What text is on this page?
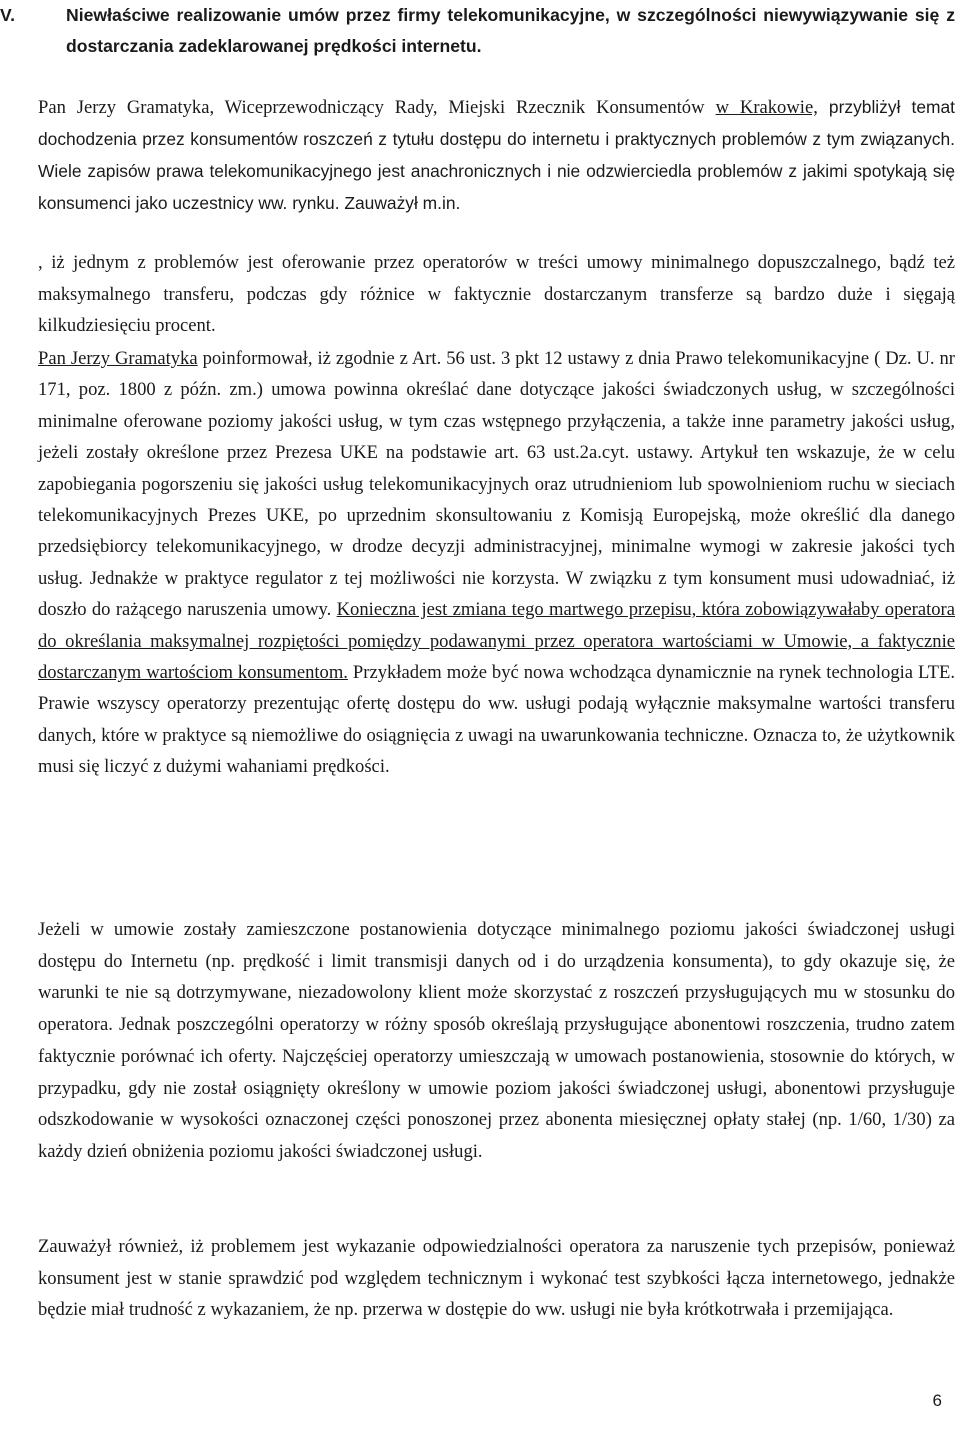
V.	Niewłaściwe realizowanie umów przez firmy telekomunikacyjne, w szczególności niewywiązywanie się z dostarczania zadeklarowanej prędkości internetu.
Pan Jerzy Gramatyka, Wiceprzewodniczący Rady, Miejski Rzecznik Konsumentów w Krakowie, przybliżył temat dochodzenia przez konsumentów roszczeń z tytułu dostępu do internetu i praktycznych problemów z tym związanych. Wiele zapisów prawa telekomunikacyjnego jest anachronicznych i nie odzwierciedla problemów z jakimi spotykają się konsumenci jako uczestnicy ww. rynku. Zauważył m.in.
, iż jednym z problemów jest oferowanie przez operatorów w treści umowy minimalnego dopuszczalnego, bądź też maksymalnego transferu, podczas gdy różnice w faktycznie dostarczanym transferze są bardzo duże i sięgają kilkudziesięciu procent.
Pan Jerzy Gramatyka poinformował, iż zgodnie z Art. 56 ust. 3 pkt 12 ustawy z dnia Prawo telekomunikacyjne ( Dz. U. nr 171, poz. 1800 z późn. zm.) umowa powinna określać dane dotyczące jakości świadczonych usług, w szczególności minimalne oferowane poziomy jakości usług, w tym czas wstępnego przyłączenia, a także inne parametry jakości usług, jeżeli zostały określone przez Prezesa UKE na podstawie art. 63 ust.2a.cyt. ustawy. Artykuł ten wskazuje, że w celu zapobiegania pogorszeniu się jakości usług telekomunikacyjnych oraz utrudnieniom lub spowolnieniom ruchu w sieciach telekomunikacyjnych Prezes UKE, po uprzednim skonsultowaniu z Komisją Europejską, może określić dla danego przedsiębiorcy telekomunikacyjnego, w drodze decyzji administracyjnej, minimalne wymogi w zakresie jakości tych usług. Jednakże w praktyce regulator z tej możliwości nie korzysta. W związku z tym konsument musi udowadniać, iż doszło do rażącego naruszenia umowy. Konieczna jest zmiana tego martwego przepisu, która zobowiązywałaby operatora do określania maksymalnej rozpiętości pomiędzy podawanymi przez operatora wartościami w Umowie, a faktycznie dostarczanym wartościom konsumentom. Przykładem może być nowa wchodząca dynamicznie na rynek technologia LTE. Prawie wszyscy operatorzy prezentując ofertę dostępu do ww. usługi podają wyłącznie maksymalne wartości transferu danych, które w praktyce są niemożliwe do osiągnięcia z uwagi na uwarunkowania techniczne. Oznacza to, że użytkownik musi się liczyć z dużymi wahaniami prędkości.
Jeżeli w umowie zostały zamieszczone postanowienia dotyczące minimalnego poziomu jakości świadczonej usługi dostępu do Internetu (np. prędkość i limit transmisji danych od i do urządzenia konsumenta), to gdy okazuje się, że warunki te nie są dotrzymywane, niezadowolony klient może skorzystać z roszczeń przysługujących mu w stosunku do operatora. Jednak poszczególni operatorzy w różny sposób określają przysługujące abonentowi roszczenia, trudno zatem faktycznie porównać ich oferty. Najczęściej operatorzy umieszczają w umowach postanowienia, stosownie do których, w przypadku, gdy nie został osiągnięty określony w umowie poziom jakości świadczonej usługi, abonentowi przysługuje odszkodowanie w wysokości oznaczonej części ponoszonej przez abonenta miesięcznej opłaty stałej (np. 1/60, 1/30) za każdy dzień obniżenia poziomu jakości świadczonej usługi.
Zauważył również, iż problemem jest wykazanie odpowiedzialności operatora za naruszenie tych przepisów, ponieważ konsument jest w stanie sprawdzić pod względem technicznym i wykonać test szybkości łącza internetowego, jednakże będzie miał trudność z wykazaniem, że np. przerwa w dostępie do ww. usługi nie była krótkotrwała i przemijająca.
6
